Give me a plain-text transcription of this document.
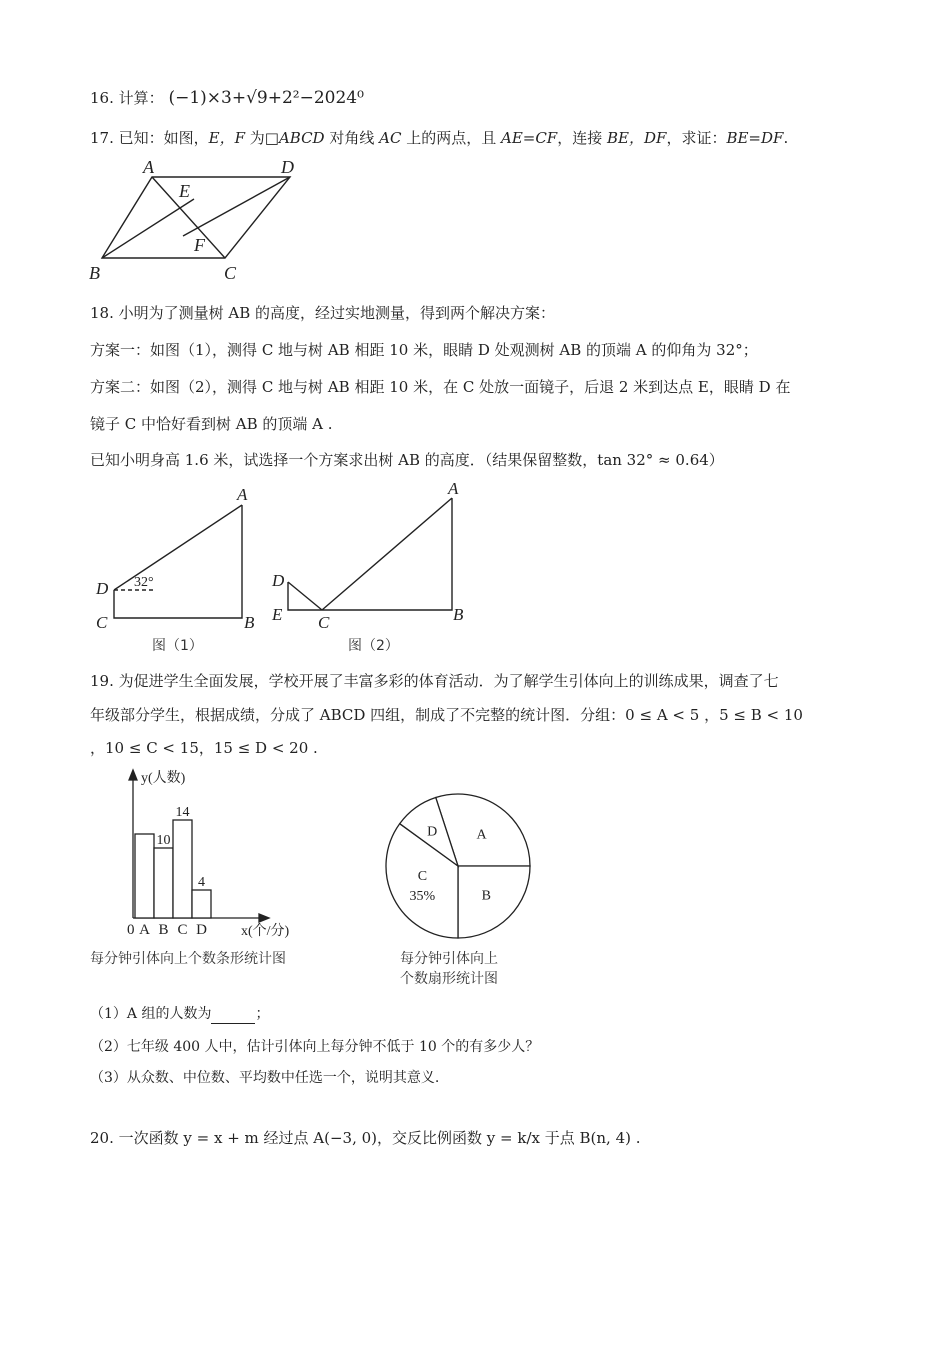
16. 计算： (−1)×3+√9+2²−2024⁰
17. 已知：如图，E，F 为□ABCD 对角线 AC 上的两点，且 AE=CF，连接 BE，DF，求证：BE=DF.
A	D
E
F
B	C
18. 小明为了测量树 AB 的高度，经过实地测量，得到两个解决方案：
方案一：如图（1），测得 C 地与树 AB 相距 10 米，眼睛 D 处观测树 AB 的顶端 A 的仰角为 32°；
方案二：如图（2），测得 C 地与树 AB 相距 10 米，在 C 处放一面镜子，后退 2 米到达点 E，眼睛 D 在
镜子 C 中恰好看到树 AB 的顶端 A .
已知小明身高 1.6 米，试选择一个方案求出树 AB 的高度．（结果保留整数，tan 32° ≈ 0.64）
A
D
C	B
32°
图（1）
A
D
E C	B
图（2）
19. 为促进学生全面发展，学校开展了丰富多彩的体育活动．为了解学生引体向上的训练成果，调查了七
年级部分学生，根据成绩，分成了 ABCD 四组，制成了不完整的统计图．分组：0 ≤ A < 5 ，5 ≤ B < 10
，10 ≤ C < 15，15 ≤ D < 20 .
A
10
B
14
C
4
D
y(人数)
x(个/分)
0
每分钟引体向上个数条形统计图
A
B
C
35%
D
每分钟引体向上
个数扇形统计图
（1）A 组的人数为	；
（2）七年级 400 人中，估计引体向上每分钟不低于 10 个的有多少人？
（3）从众数、中位数、平均数中任选一个，说明其意义.
20. 一次函数 y = x + m 经过点 A(−3, 0)，交反比例函数 y = k/x 于点 B(n, 4) .
